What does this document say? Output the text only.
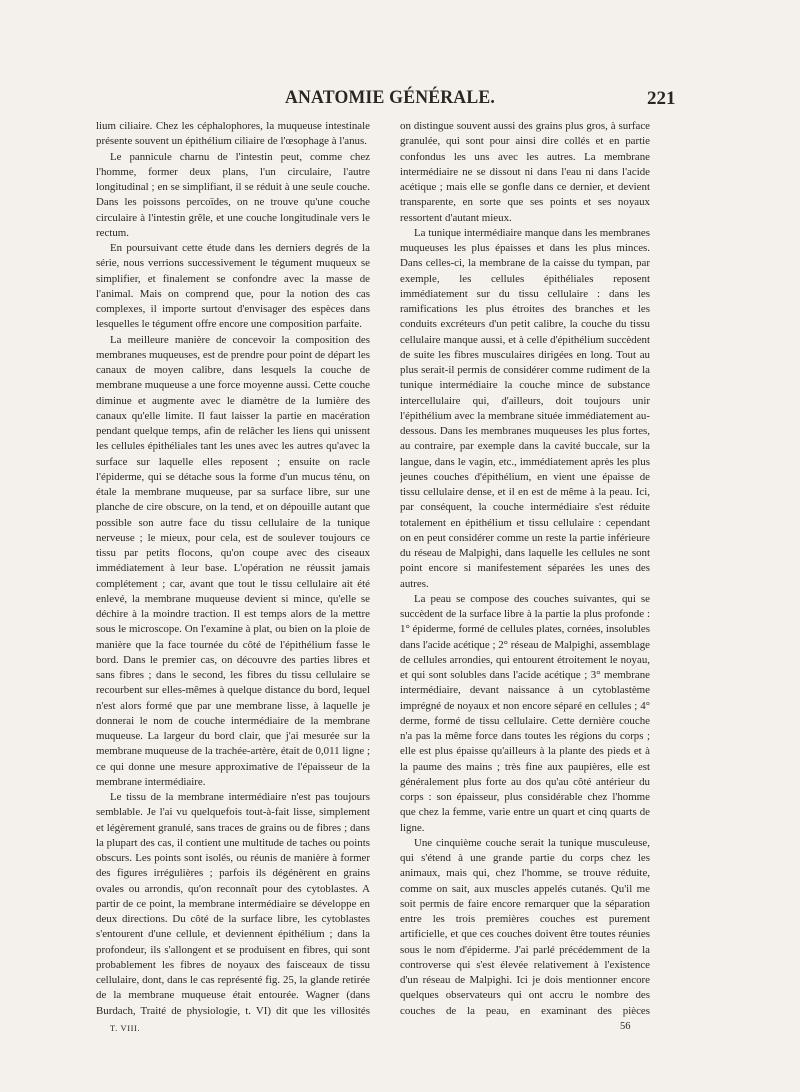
ANATOMIE GÉNÉRALE.	221

lium ciliaire. Chez les céphalophores, la muqueuse intestinale présente souvent un épithélium ciliaire de l'œsophage à l'anus.

Le pannicule charnu de l'intestin peut, comme chez l'homme, former deux plans, l'un circulaire, l'autre longitudinal ; en se simplifiant, il se réduit à une seule couche. Dans les poissons percoïdes, on ne trouve qu'une couche circulaire à l'intestin grêle, et une couche longitudinale vers le rectum.

En poursuivant cette étude dans les derniers degrés de la série, nous verrions successivement le tégument muqueux se simplifier, et finalement se confondre avec la masse de l'animal. Mais on comprend que, pour la notion des cas complexes, il importe surtout d'envisager des espèces dans lesquelles le tégument offre encore une composition parfaite.

La meilleure manière de concevoir la composition des membranes muqueuses, est de prendre pour point de départ les canaux de moyen calibre, dans lesquels la couche de membrane muqueuse a une force moyenne aussi. Cette couche diminue et augmente avec le diamètre de la lumière des canaux qu'elle limite. Il faut laisser la partie en macération pendant quelque temps, afin de relâcher les liens qui unissent les cellules épithéliales tant les unes avec les autres qu'avec la surface sur laquelle elles reposent ; ensuite on racle l'épiderme, qui se détache sous la forme d'un mucus ténu, on étale la membrane muqueuse, par sa surface libre, sur une planche de cire obscure, on la tend, et on dépouille autant que possible son autre face du tissu cellulaire de la tunique nerveuse ; le mieux, pour cela, est de soulever toujours ce tissu par petits flocons, qu'on coupe avec des ciseaux immédiatement à leur base. L'opération ne réussit jamais complétement ; car, avant que tout le tissu cellulaire ait été enlevé, la membrane muqueuse devient si mince, qu'elle se déchire à la moindre traction. Il est temps alors de la mettre sous le microscope. On l'examine à plat, ou bien on la ploie de manière que la face tournée du côté de l'épithélium fasse le bord. Dans le premier cas, on découvre des parties libres et sans fibres ; dans le second, les fibres du tissu cellulaire se recourbent sur elles-mêmes à quelque distance du bord, lequel n'est alors formé que par une membrane lisse, à laquelle je donnerai le nom de couche intermédiaire de la membrane muqueuse. La largeur du bord clair, que j'ai mesurée sur la membrane muqueuse de la trachée-artère, était de 0,011 ligne ; ce qui donne une mesure approximative de l'épaisseur de la membrane intermédiaire.

Le tissu de la membrane intermédiaire n'est pas toujours semblable. Je l'ai vu quelquefois tout-à-fait lisse, simplement et légèrement granulé, sans traces de grains ou de fibres ; dans la plupart des cas, il contient une multitude de taches ou points obscurs. Les points sont isolés, ou réunis de manière à former des figures irrégulières ; parfois ils dégénèrent en grains ovales ou arrondis, qu'on reconnaît pour des cytoblastes. A partir de ce point, la membrane intermédiaire se développe en deux directions. Du côté de la surface libre, les cytoblastes s'entourent d'une cellule, et deviennent épithélium ; dans la profondeur, ils s'allongent et se produisent en fibres, qui sont probablement les fibres de noyaux des faisceaux de tissu cellulaire, dont, dans le cas représenté fig. 25, la glande retirée de la membrane muqueuse était entourée. Wagner (dans Burdach, Traité de physiologie, t. VI) dit que les villosités

on distingue souvent aussi des grains plus gros, à surface granulée, qui sont pour ainsi dire collés et en partie confondus les uns avec les autres. La membrane intermédiaire ne se dissout ni dans l'eau ni dans l'acide acétique ; mais elle se gonfle dans ce dernier, et devient transparente, en sorte que ses points et ses noyaux ressortent d'autant mieux.

La tunique intermédiaire manque dans les membranes muqueuses les plus épaisses et dans les plus minces. Dans celles-ci, la membrane de la caisse du tympan, par exemple, les cellules épithéliales reposent immédiatement sur du tissu cellulaire : dans les ramifications les plus étroites des branches et les conduits excréteurs d'un petit calibre, la couche du tissu cellulaire manque aussi, et à celle d'épithélium succèdent de suite les fibres musculaires dirigées en long. Tout au plus serait-il permis de considérer comme rudiment de la tunique intermédiaire la couche mince de substance intercellulaire qui, d'ailleurs, doit toujours unir l'épithélium avec la membrane située immédiatement au-dessous. Dans les membranes muqueuses les plus fortes, au contraire, par exemple dans la cavité buccale, sur la langue, dans le vagin, etc., immédiatement après les plus jeunes couches d'épithélium, en vient une épaisse de tissu cellulaire dense, et il en est de même à la peau. Ici, par conséquent, la couche intermédiaire s'est réduite totalement en épithélium et tissu cellulaire : cependant on en peut considérer comme un reste la partie inférieure du réseau de Malpighi, dans laquelle les cellules ne sont point encore si manifestement séparées les unes des autres.

La peau se compose des couches suivantes, qui se succèdent de la surface libre à la partie la plus profonde : 1° épiderme, formé de cellules plates, cornées, insolubles dans l'acide acétique ; 2° réseau de Malpighi, assemblage de cellules arrondies, qui entourent étroitement le noyau, et qui sont solubles dans l'acide acétique ; 3° membrane intermédiaire, devant naissance à un cytoblastème imprégné de noyaux et non encore séparé en cellules ; 4° derme, formé de tissu cellulaire. Cette dernière couche n'a pas la même force dans toutes les régions du corps ; elle est plus épaisse qu'ailleurs à la plante des pieds et à la paume des mains ; très fine aux paupières, elle est généralement plus forte au dos qu'au côté antérieur du corps : son épaisseur, plus considérable chez l'homme que chez la femme, varie entre un quart et cinq quarts de ligne.

Une cinquième couche serait la tunique musculeuse, qui s'étend à une grande partie du corps chez les animaux, mais qui, chez l'homme, se trouve réduite, comme on sait, aux muscles appelés cutanés. Qu'il me soit permis de faire encore remarquer que la séparation entre les trois premières couches est purement artificielle, et que ces couches doivent être toutes réunies sous le nom d'épiderme. J'ai parlé précédemment de la controverse qui s'est élevée relativement à l'existence d'un réseau de Malpighi. Ici je dois mentionner encore quelques observateurs qui ont accru le nombre des couches de la peau, en examinant des pièces

T. VIII.	56
